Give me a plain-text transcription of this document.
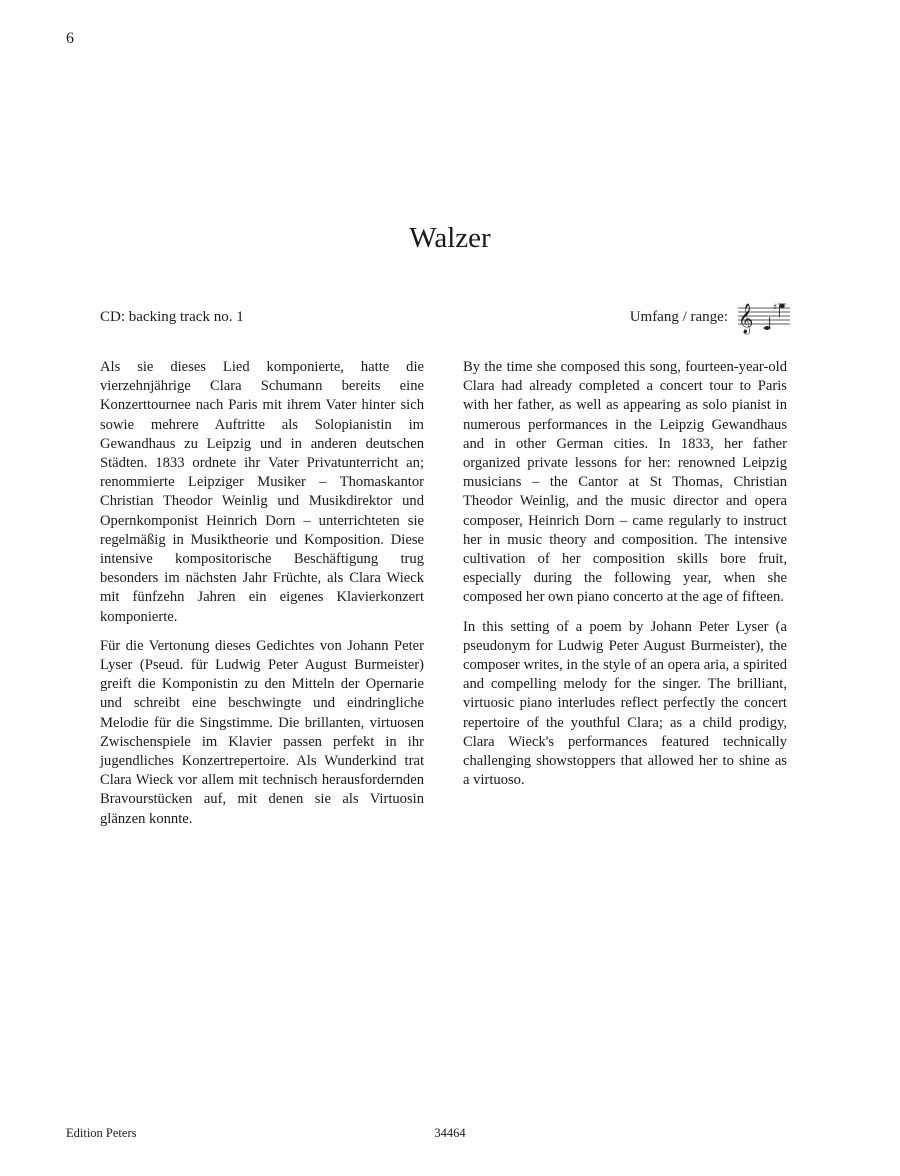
6
Walzer
CD: backing track no. 1	Umfang / range: 𝄞 ♯

Als sie dieses Lied komponierte, hatte die vierzehnjährige Clara Schumann bereits eine Konzerttournee nach Paris mit ihrem Vater hinter sich sowie mehrere Auftritte als Solopianistin im Gewandhaus zu Leipzig und in anderen deutschen Städten. 1833 ordnete ihr Vater Privatunterricht an; renommierte Leipziger Musiker – Thomaskantor Christian Theodor Weinlig und Musikdirektor und Opernkomponist Heinrich Dorn – unterrichteten sie regelmäßig in Musiktheorie und Komposition. Diese intensive kompositorische Beschäftigung trug besonders im nächsten Jahr Früchte, als Clara Wieck mit fünfzehn Jahren ein eigenes Klavierkonzert komponierte.

Für die Vertonung dieses Gedichtes von Johann Peter Lyser (Pseud. für Ludwig Peter August Burmeister) greift die Komponistin zu den Mitteln der Opernarie und schreibt eine beschwingte und eindringliche Melodie für die Singstimme. Die brillanten, virtuosen Zwischenspiele im Klavier passen perfekt in ihr jugendliches Konzertrepertoire. Als Wunderkind trat Clara Wieck vor allem mit technisch herausfordernden Bravourstücken auf, mit denen sie als Virtuosin glänzen konnte.

By the time she composed this song, fourteen-year-old Clara had already completed a concert tour to Paris with her father, as well as appearing as solo pianist in numerous performances in the Leipzig Gewandhaus and in other German cities. In 1833, her father organized private lessons for her: renowned Leipzig musicians – the Cantor at St Thomas, Christian Theodor Weinlig, and the music director and opera composer, Heinrich Dorn – came regularly to instruct her in music theory and composition. The intensive cultivation of her composition skills bore fruit, especially during the following year, when she composed her own piano concerto at the age of fifteen.

In this setting of a poem by Johann Peter Lyser (a pseudonym for Ludwig Peter August Burmeister), the composer writes, in the style of an opera aria, a spirited and compelling melody for the singer. The brilliant, virtuosic piano interludes reflect perfectly the concert repertoire of the youthful Clara; as a child prodigy, Clara Wieck's performances featured technically challenging showstoppers that allowed her to shine as a virtuoso.

Edition Peters	34464
